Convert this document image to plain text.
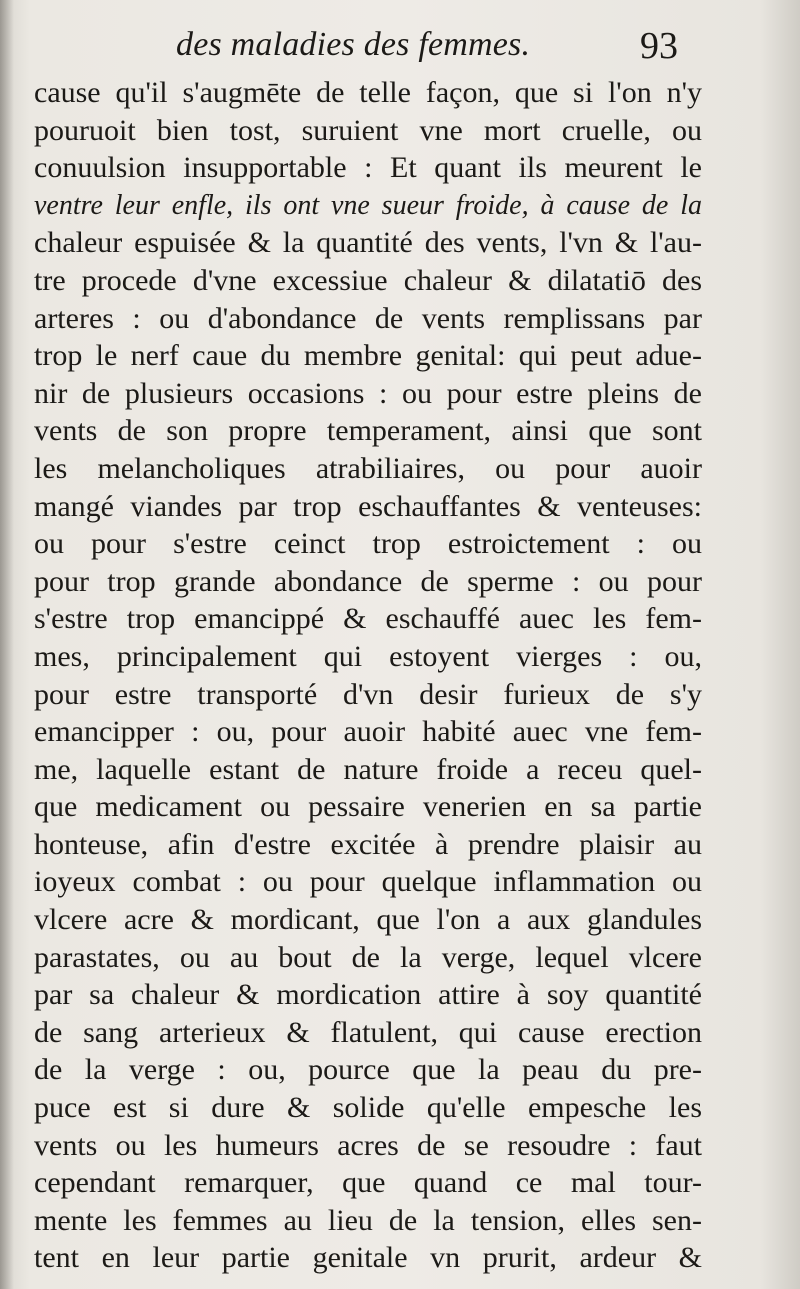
des maladies des femmes.	93
cause qu'il s'augmēte de telle façon, que si l'on n'y
pouruoit bien tost, suruient vne mort cruelle, ou
conuulsion insupportable : Et quant ils meurent le
ventre leur enfle, ils ont vne sueur froide, à cause de la
chaleur espuisée & la quantité des vents, l'vn & l'au-
tre procede d'vne excessiue chaleur & dilatatiō des
arteres : ou d'abondance de vents remplissans par
trop le nerf caue du membre genital: qui peut adue-
nir de plusieurs occasions : ou pour estre pleins de
vents de son propre temperament, ainsi que sont
les melancholiques atrabiliaires, ou pour auoir
mangé viandes par trop eschauffantes & venteuses:
ou pour s'estre ceinct trop estroictement : ou
pour trop grande abondance de sperme : ou pour
s'estre trop emancippé & eschauffé auec les fem-
mes, principalement qui estoyent vierges : ou,
pour estre transporté d'vn desir furieux de s'y
emancipper : ou, pour auoir habité auec vne fem-
me, laquelle estant de nature froide a receu quel-
que medicament ou pessaire venerien en sa partie
honteuse, afin d'estre excitée à prendre plaisir au
ioyeux combat : ou pour quelque inflammation ou
vlcere acre & mordicant, que l'on a aux glandules
parastates, ou au bout de la verge, lequel vlcere
par sa chaleur & mordication attire à soy quantité
de sang arterieux & flatulent, qui cause erection
de la verge : ou, pource que la peau du pre-
puce est si dure & solide qu'elle empesche les
vents ou les humeurs acres de se resoudre : faut
cependant remarquer, que quand ce mal tour-
mente les femmes au lieu de la tension, elles sen-
tent en leur partie genitale vn prurit, ardeur &
